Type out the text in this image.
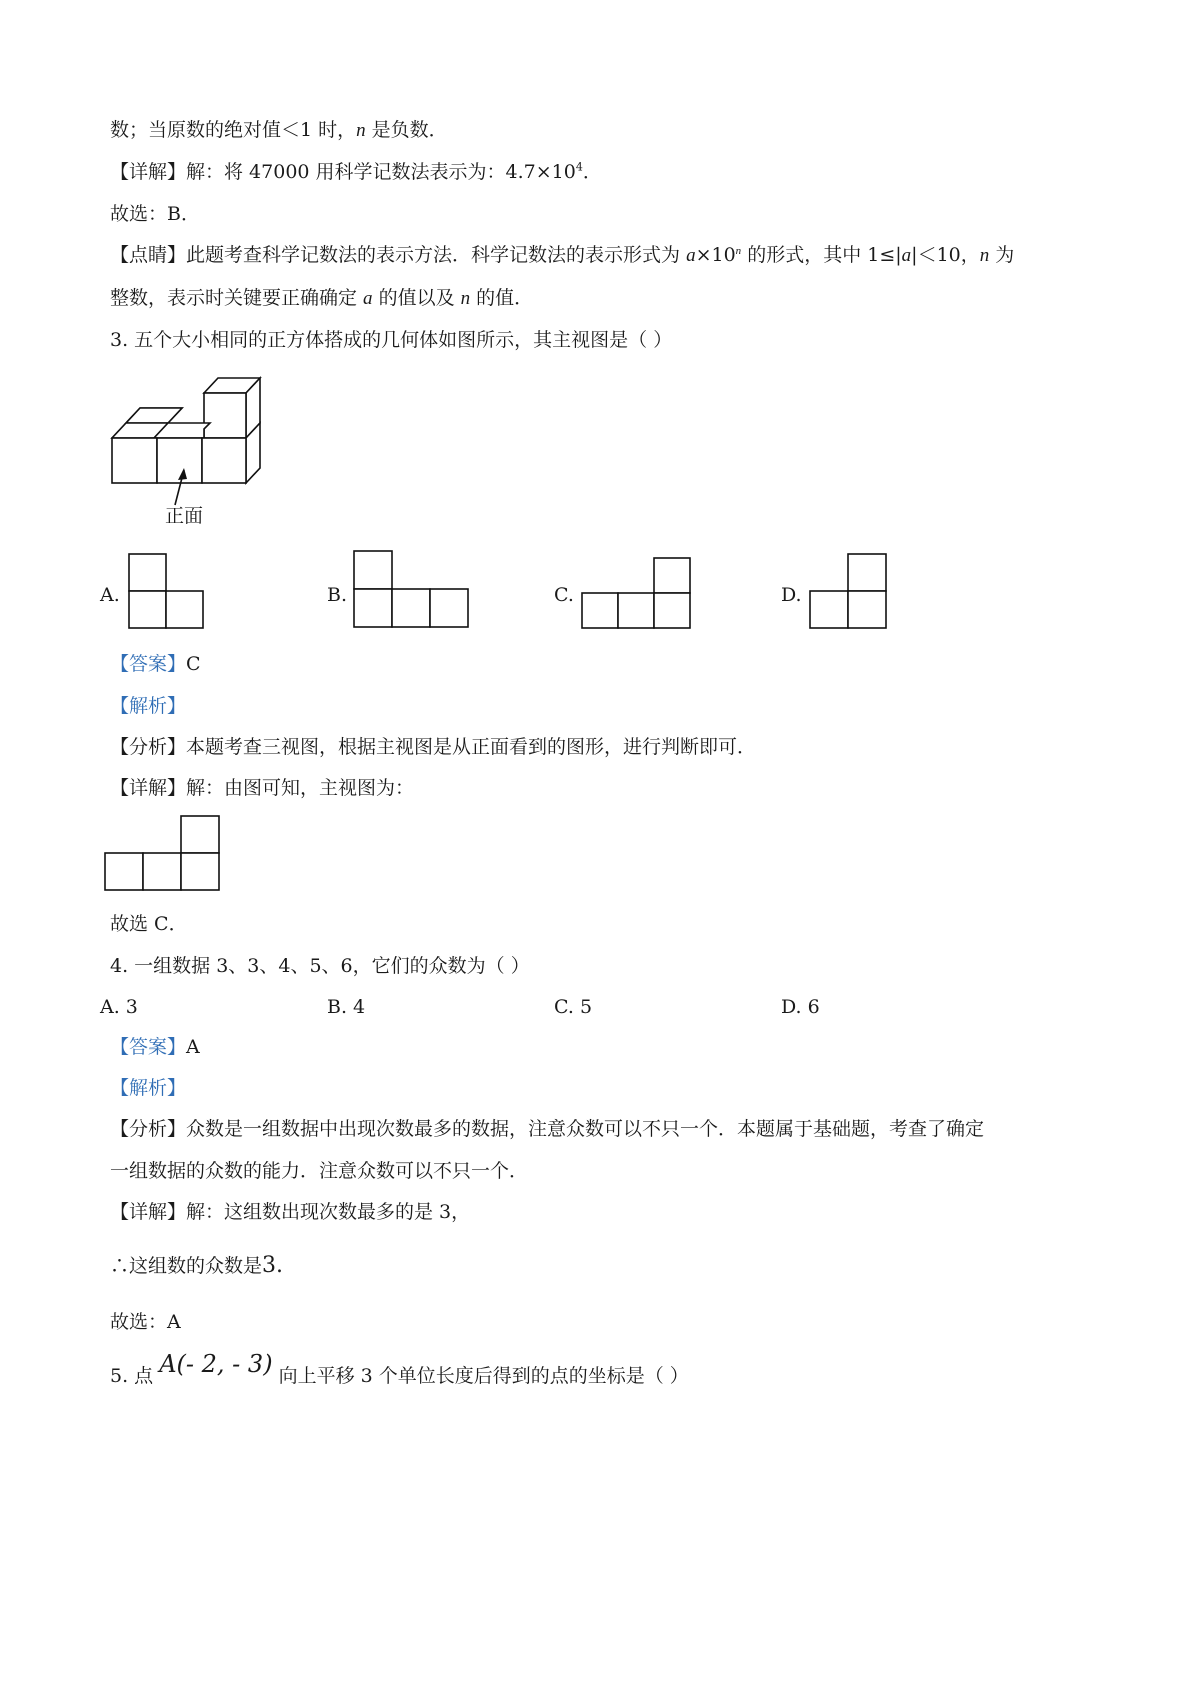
数；当原数的绝对值＜1 时，n 是负数．
【详解】解：将 47000 用科学记数法表示为：$4.7\times 10^4$．
故选：B．
【点睛】此题考查科学记数法的表示方法．科学记数法的表示形式为 $a\times 10^n$ 的形式，其中 1≤|a|＜10，n 为
整数，表示时关键要正确确定 a 的值以及 n 的值．
3. 五个大小相同的正方体搭成的几何体如图所示，其主视图是（ ）
正面
A.	B.	C.	D.
【答案】C
【解析】
【分析】本题考查三视图，根据主视图是从正面看到的图形，进行判断即可．
【详解】解：由图可知，主视图为：
故选 C．
4. 一组数据 3、3、4、5、6，它们的众数为（ ）
A. 3	B. 4	C. 5	D. 6
【答案】A
【解析】
【分析】众数是一组数据中出现次数最多的数据，注意众数可以不只一个．本题属于基础题，考查了确定
一组数据的众数的能力．注意众数可以不只一个．
【详解】解：这组数出现次数最多的是 3，
∴这组数的众数是3.
故选：A
5. 点 A(- 2, - 3) 向上平移 3 个单位长度后得到的点的坐标是（ ）
